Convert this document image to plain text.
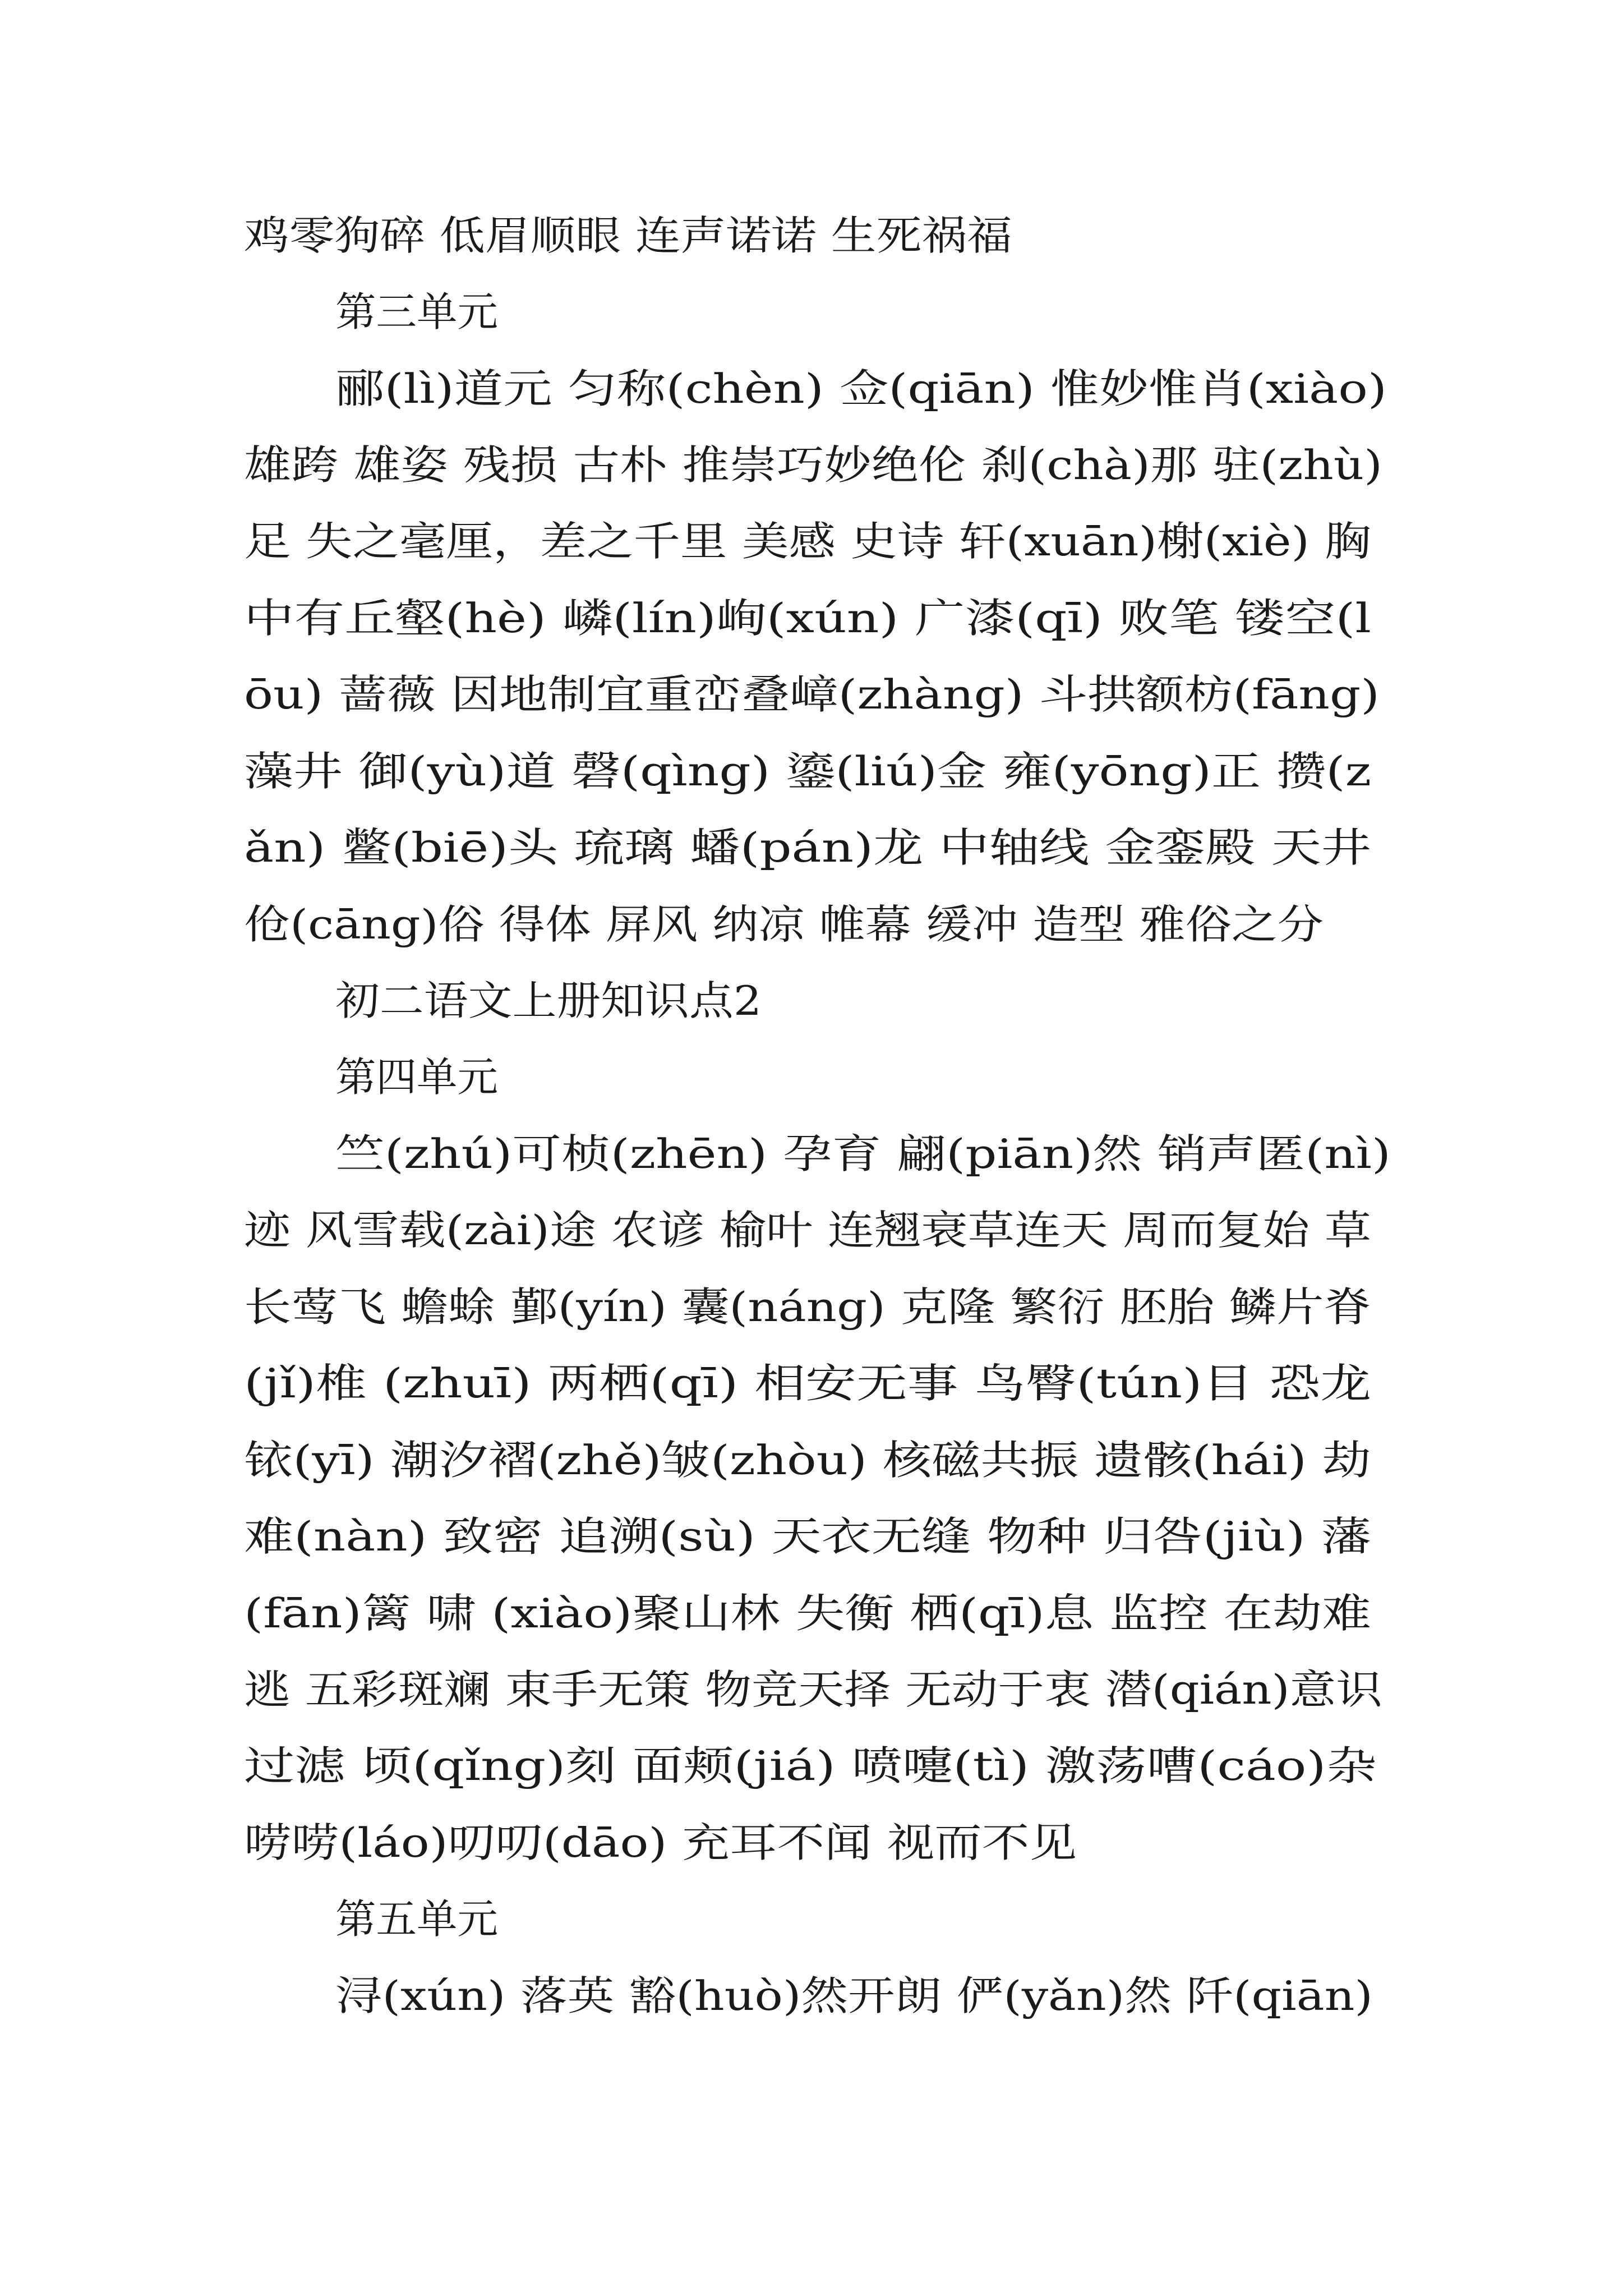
鸡零狗碎 低眉顺眼 连声诺诺 生死祸福
第三单元
郦(lì)道元 匀称(chèn) 佥(qiān) 惟妙惟肖(xiào)
雄跨 雄姿 残损 古朴 推崇巧妙绝伦 刹(chà)那 驻(zhù)
足 失之毫厘，差之千里 美感 史诗 轩(xuān)榭(xiè) 胸
中有丘壑(hè) 嶙(lín)峋(xún) 广漆(qī) 败笔 镂空(l
ōu) 蔷薇 因地制宜重峦叠嶂(zhàng) 斗拱额枋(fāng)
藻井 御(yù)道 磬(qìng) 鎏(liú)金 雍(yōng)正 攒(z
ǎn) 鳖(biē)头 琉璃 蟠(pán)龙 中轴线 金銮殿 天井
伧(cāng)俗 得体 屏风 纳凉 帷幕 缓冲 造型 雅俗之分
初二语文上册知识点2
第四单元
竺(zhú)可桢(zhēn) 孕育 翩(piān)然 销声匿(nì)
迹 风雪载(zài)途 农谚 榆叶 连翘衰草连天 周而复始 草
长莺飞 蟾蜍 鄞(yín) 囊(náng) 克隆 繁衍 胚胎 鳞片脊
(jǐ)椎 (zhuī) 两栖(qī) 相安无事 鸟臀(tún)目 恐龙
铱(yī) 潮汐褶(zhě)皱(zhòu) 核磁共振 遗骸(hái) 劫
难(nàn) 致密 追溯(sù) 天衣无缝 物种 归咎(jiù) 藩
(fān)篱 啸 (xiào)聚山林 失衡 栖(qī)息 监控 在劫难
逃 五彩斑斓 束手无策 物竞天择 无动于衷 潜(qián)意识
过滤 顷(qǐng)刻 面颊(jiá) 喷嚏(tì) 激荡嘈(cáo)杂
唠唠(láo)叨叨(dāo) 充耳不闻 视而不见
第五单元
浔(xún) 落英 豁(huò)然开朗 俨(yǎn)然 阡(qiān)
